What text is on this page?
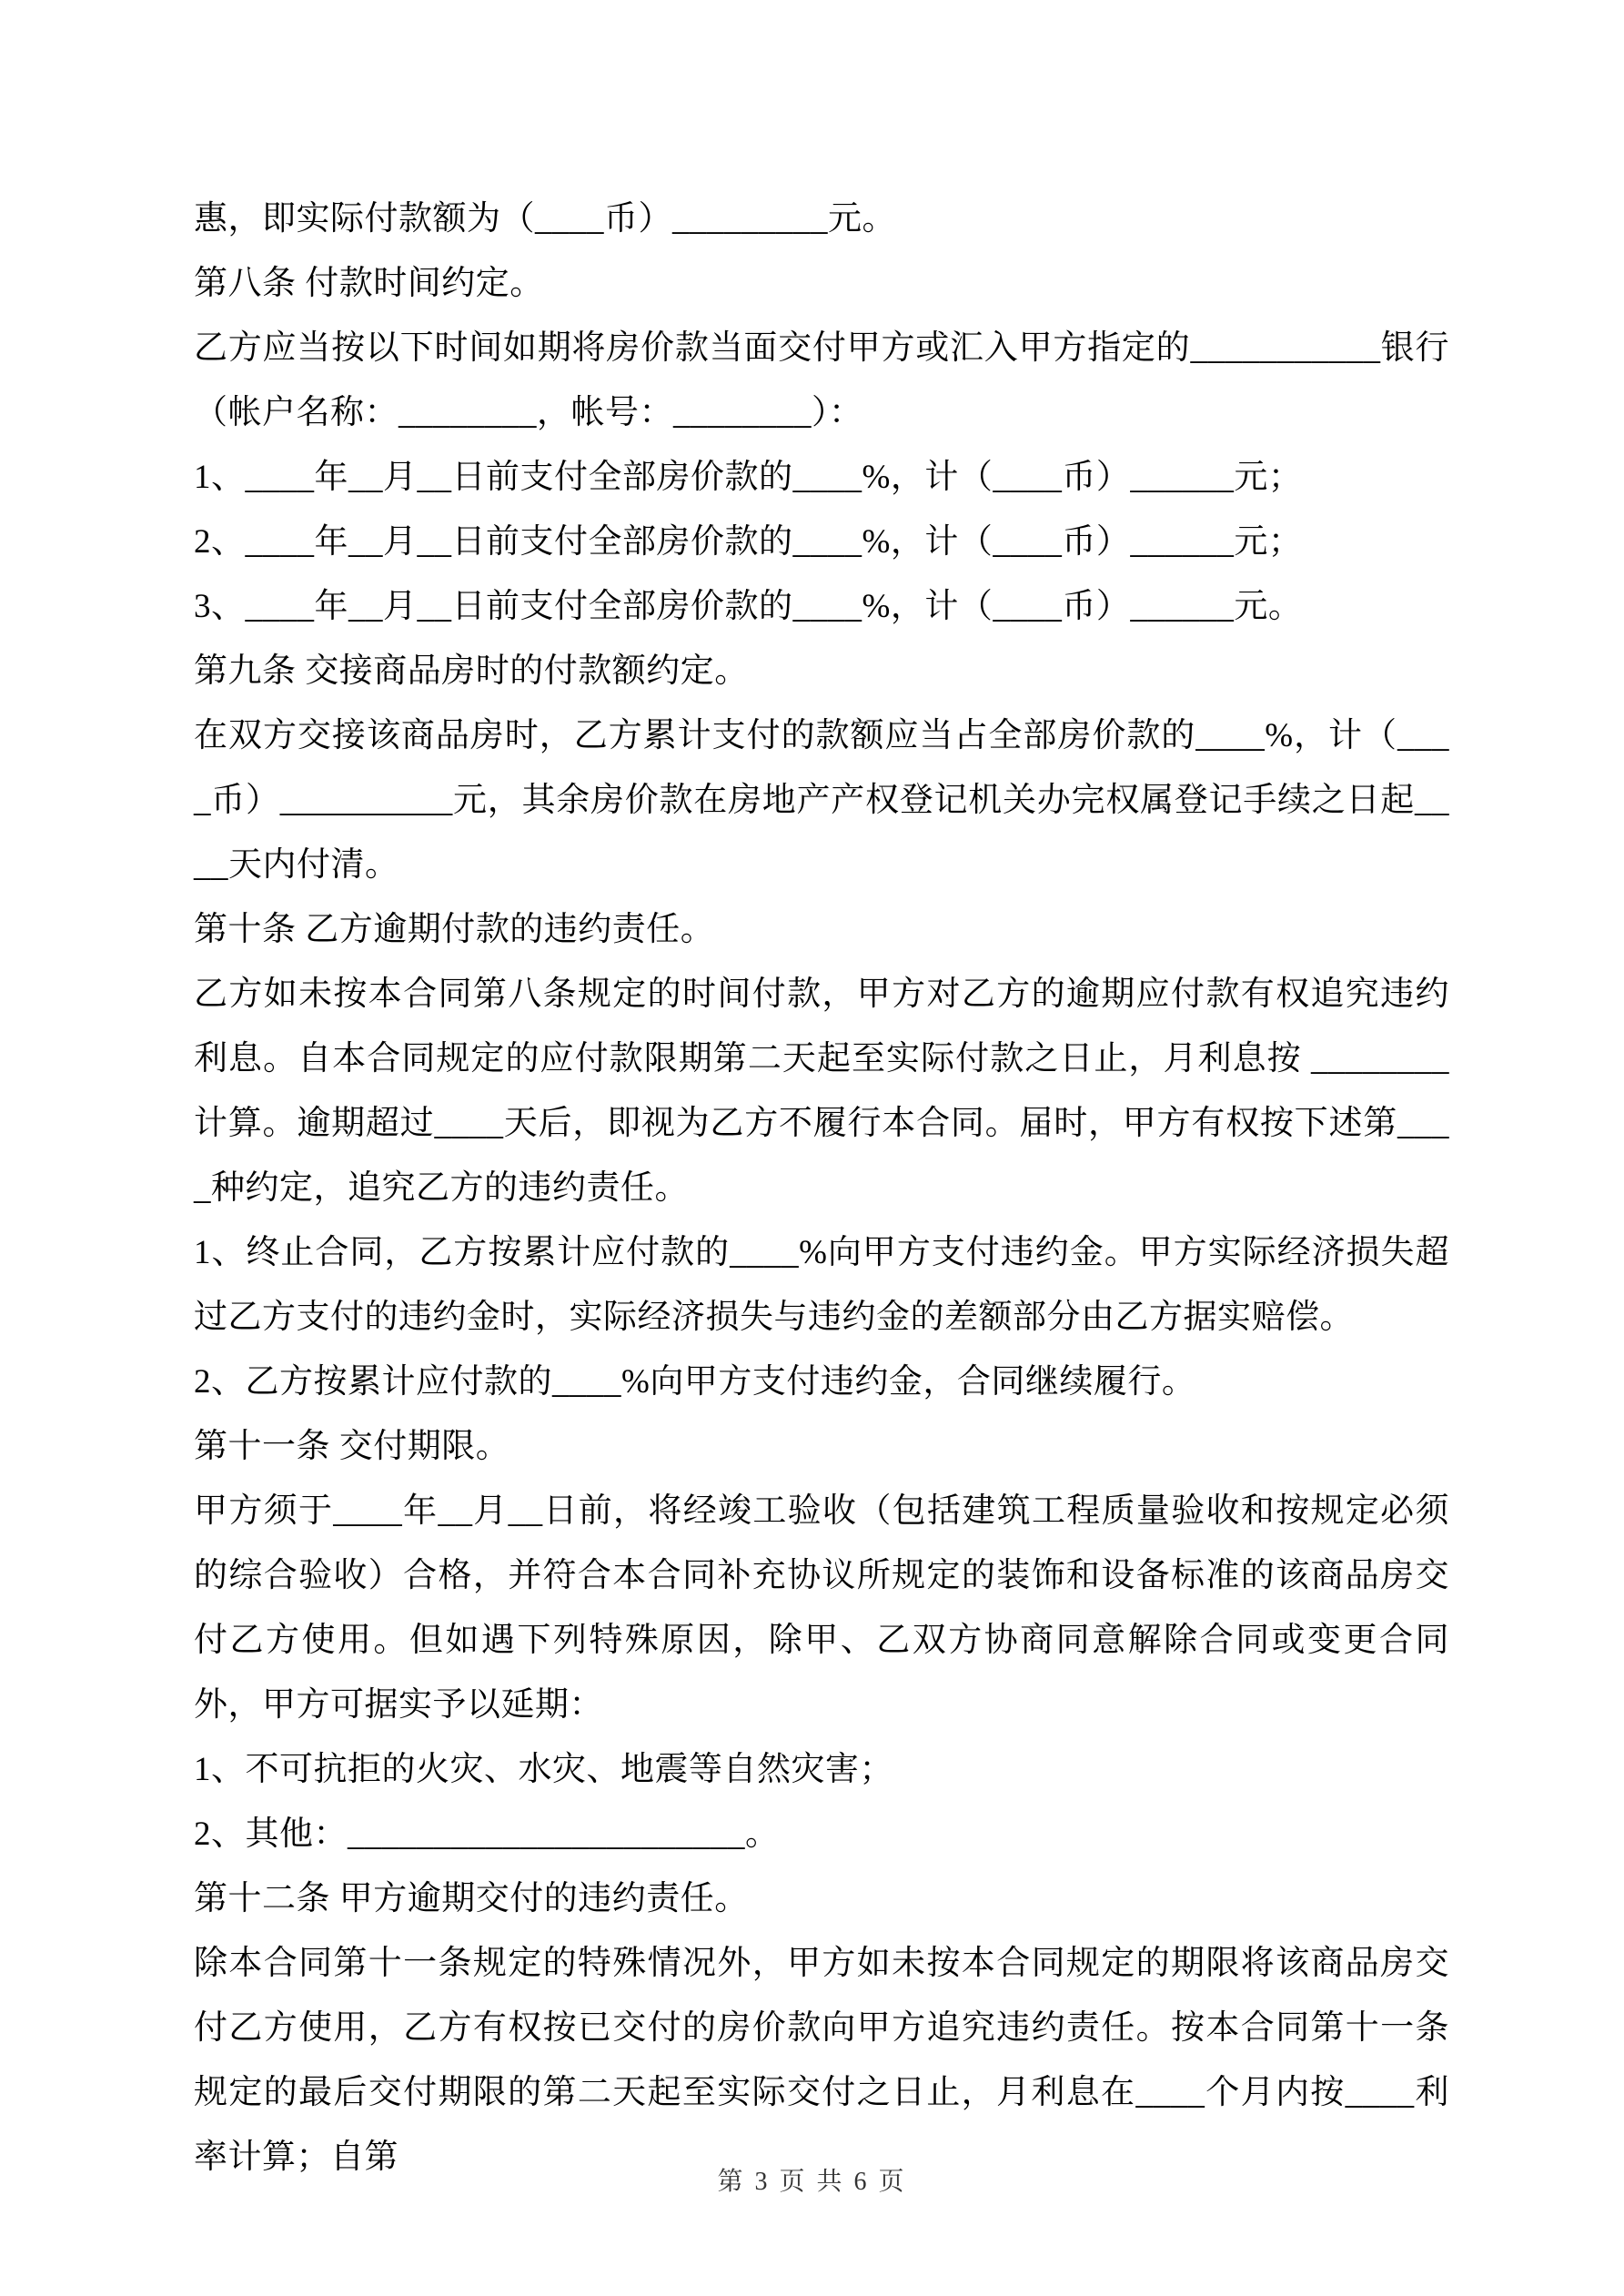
惠，即实际付款额为（____币）_________元。

第八条 付款时间约定。

乙方应当按以下时间如期将房价款当面交付甲方或汇入甲方指定的___________银行（帐户名称：________，帐号：________）：

1、____年__月__日前支付全部房价款的____%，计（____币）______元；

2、____年__月__日前支付全部房价款的____%，计（____币）______元；

3、____年__月__日前支付全部房价款的____%，计（____币）______元。

第九条 交接商品房时的付款额约定。

在双方交接该商品房时，乙方累计支付的款额应当占全部房价款的____%，计（____币）__________元，其余房价款在房地产产权登记机关办完权属登记手续之日起____天内付清。

第十条 乙方逾期付款的违约责任。

乙方如未按本合同第八条规定的时间付款，甲方对乙方的逾期应付款有权追究违约利息。自本合同规定的应付款限期第二天起至实际付款之日止，月利息按 ________计算。逾期超过____天后，即视为乙方不履行本合同。届时，甲方有权按下述第____种约定，追究乙方的违约责任。

1、终止合同，乙方按累计应付款的____%向甲方支付违约金。甲方实际经济损失超过乙方支付的违约金时，实际经济损失与违约金的差额部分由乙方据实赔偿。

2、乙方按累计应付款的____%向甲方支付违约金，合同继续履行。

第十一条 交付期限。

甲方须于____年__月__日前，将经竣工验收（包括建筑工程质量验收和按规定必须的综合验收）合格，并符合本合同补充协议所规定的装饰和设备标准的该商品房交付乙方使用。但如遇下列特殊原因，除甲、乙双方协商同意解除合同或变更合同外，甲方可据实予以延期：

1、不可抗拒的火灾、水灾、地震等自然灾害；

2、其他：_______________________。

第十二条 甲方逾期交付的违约责任。

除本合同第十一条规定的特殊情况外，甲方如未按本合同规定的期限将该商品房交付乙方使用，乙方有权按已交付的房价款向甲方追究违约责任。按本合同第十一条规定的最后交付期限的第二天起至实际交付之日止，月利息在____个月内按____利率计算；自第

第 3 页 共 6 页
